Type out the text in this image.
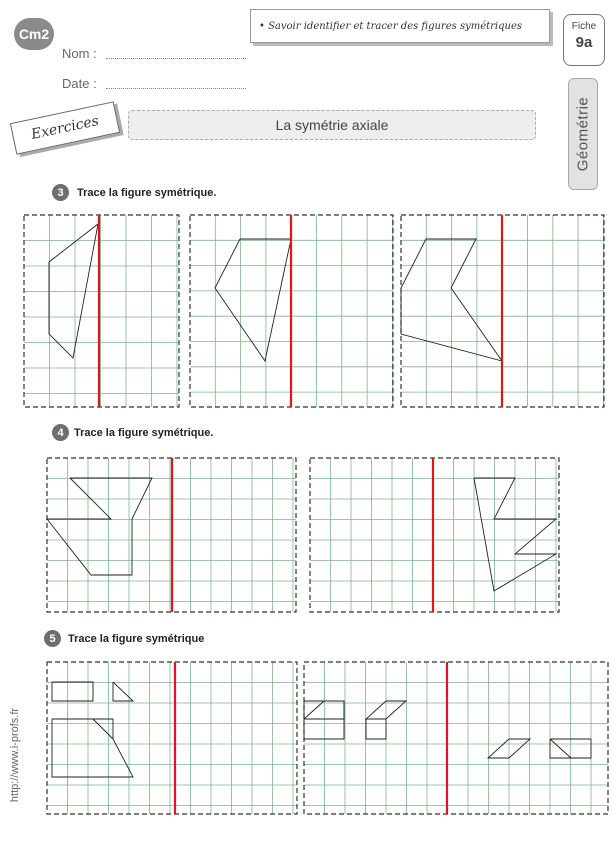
Cm2
Nom :
Date :
• Savoir identifier et tracer des figures symétriques	Fiche
9a
Géométrie
La symétrie axiale
Exercices
3	Trace la figure symétrique.
4 Trace la figure symétrique.
5	Trace la figure symétrique
http://www.i-profs.fr
